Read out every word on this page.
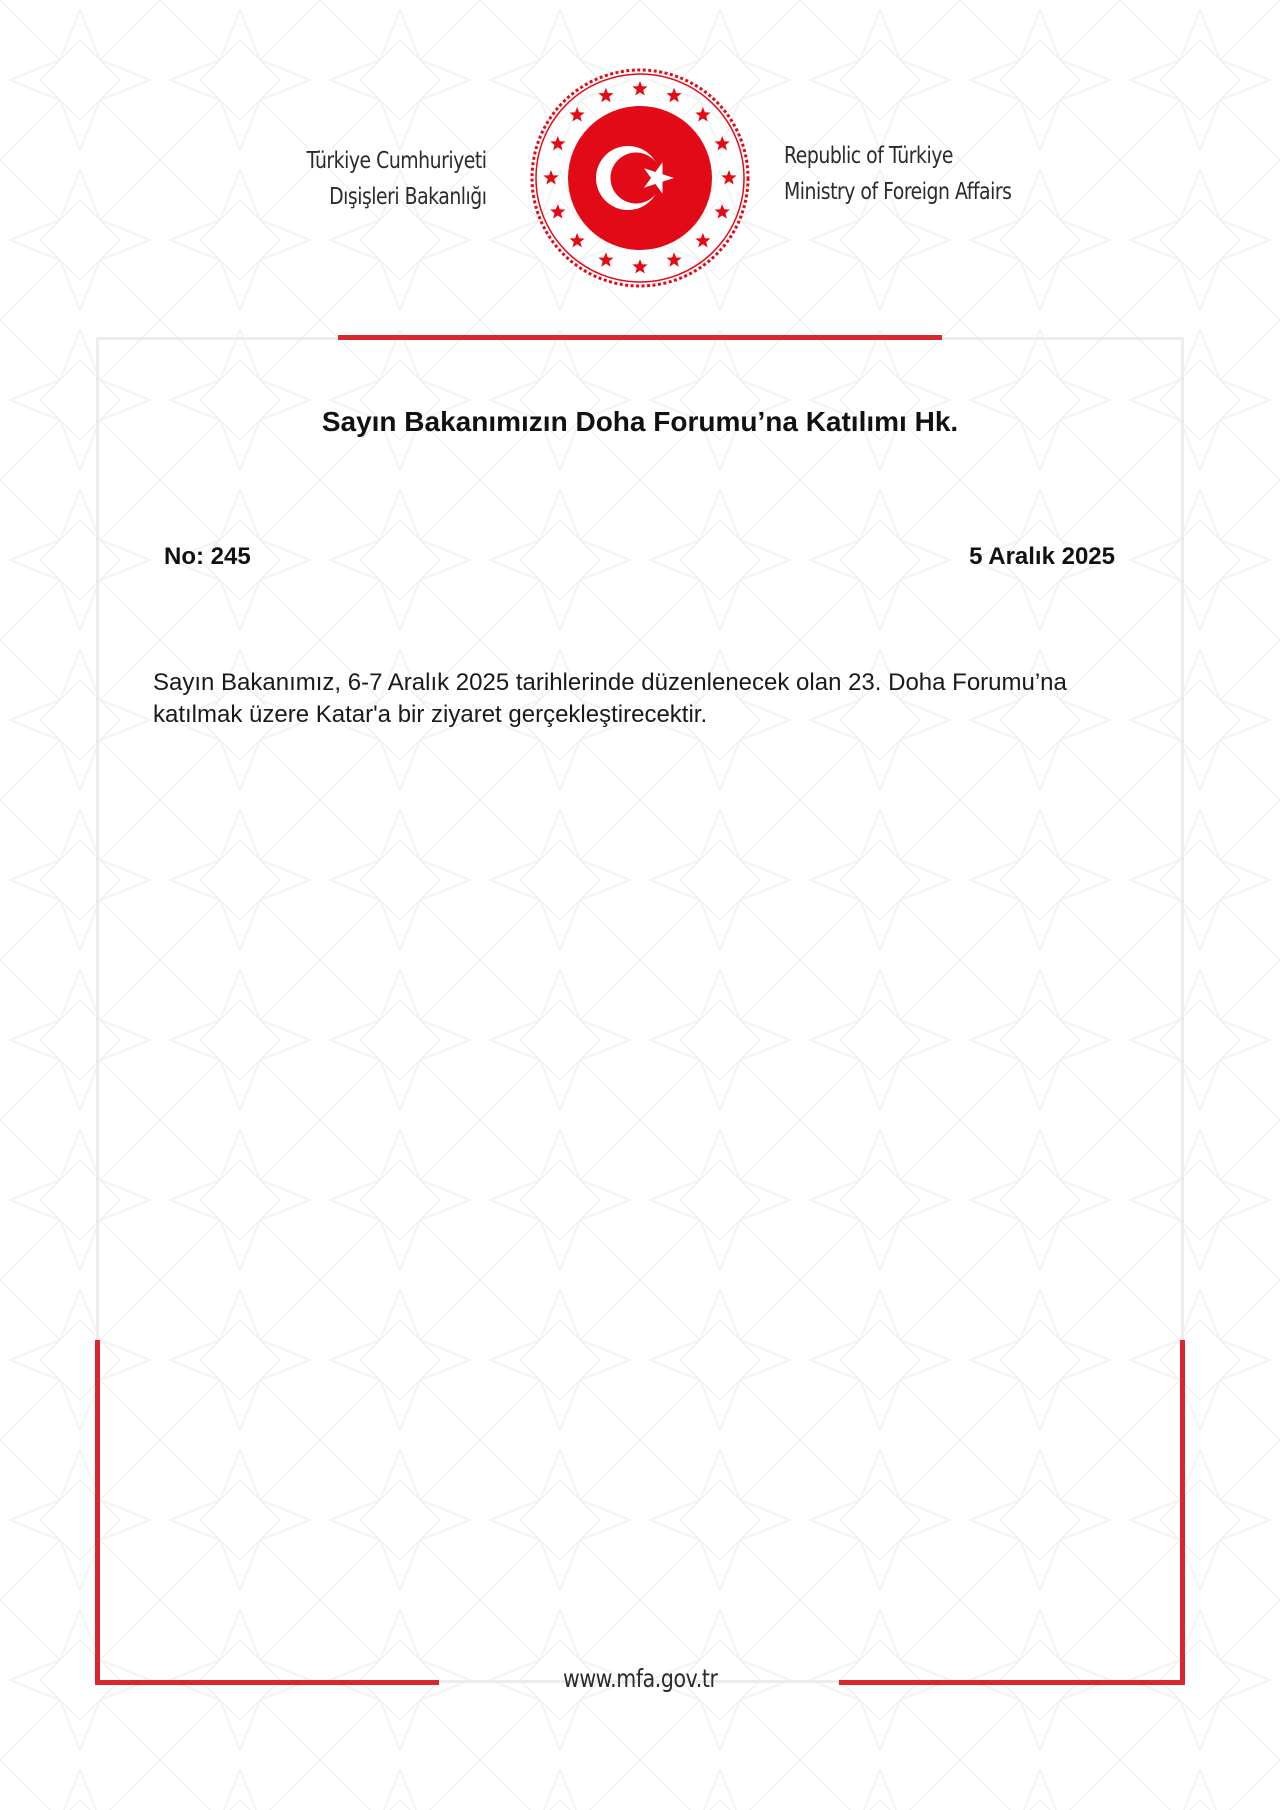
Türkiye Cumhuriyeti
Dışişleri Bakanlığı
Republic of Türkiye
Ministry of Foreign Affairs
Sayın Bakanımızın Doha Forumu’na Katılımı Hk.
No: 245	5 Aralık 2025
Sayın Bakanımız, 6-7 Aralık 2025 tarihlerinde düzenlenecek olan 23. Doha Forumu’na katılmak üzere Katar'a bir ziyaret gerçekleştirecektir.
www.mfa.gov.tr
